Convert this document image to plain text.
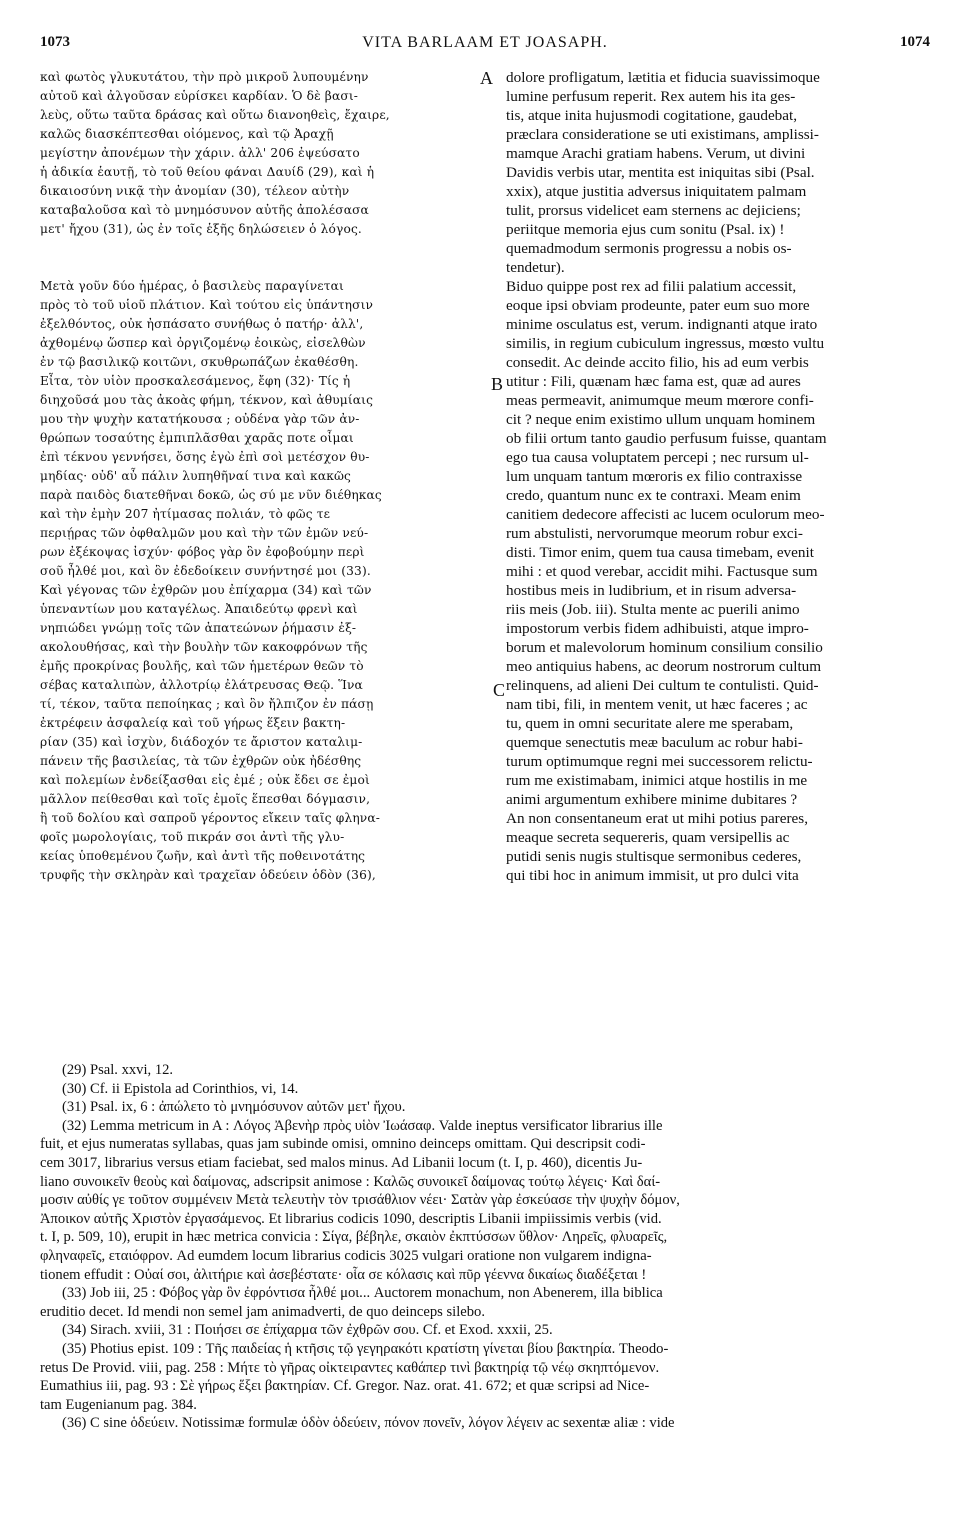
1073	VITA BARLAAM ET JOASAPH.	1074
καὶ φωτὸς γλυκυτάτου, τὴν πρὸ μικροῦ λυπουμένην
αὐτοῦ καὶ ἀλγοῦσαν εὑρίσκει καρδίαν. Ὁ δὲ βασι-
λεὺς, οὕτω ταῦτα δράσας καὶ οὕτω διανοηθεὶς, ἔχαιρε,
καλῶς διασκέπτεσθαι οἰόμενος, καὶ τῷ Ἀραχῇ
μεγίστην ἀπονέμων τὴν χάριν. ἀλλ' 206 ἐψεύσατο
ἡ ἀδικία ἑαυτῇ, τὸ τοῦ θείου φάναι Δαυίδ (29), καὶ ἡ
δικαιοσύνη νικᾷ τὴν ἀνομίαν (30), τέλεον αὐτὴν
καταβαλοῦσα καὶ τὸ μνημόσυνον αὐτῆς ἀπολέσασα
μετ' ἤχου (31), ὡς ἐν τοῖς ἑξῆς δηλώσειεν ὁ λόγος.
Μετὰ γοῦν δύο ἡμέρας, ὁ βασιλεὺς παραγίνεται
πρὸς τὸ τοῦ υἱοῦ πλάτιον. Καὶ τούτου εἰς ὑπάντησιν
ἐξελθόντος, οὐκ ἠσπάσατο συνήθως ὁ πατήρ· ἀλλ',
ἀχθομένῳ ὥσπερ καὶ ὀργιζομένῳ ἐοικὼς, εἰσελθὼν
ἐν τῷ βασιλικῷ κοιτῶνι, σκυθρωπάζων ἐκαθέσθη.
Εἶτα, τὸν υἱὸν προσκαλεσάμενος, ἔφη (32)· Τίς ἡ
διηχοῦσά μου τὰς ἀκοὰς φήμη, τέκνον, καὶ ἀθυμίαις
μου τὴν ψυχὴν κατατήκουσα ; οὐδένα γὰρ τῶν ἀν-
θρώπων τοσαύτης ἐμπιπλᾶσθαι χαρᾶς ποτε οἶμαι
ἐπὶ τέκνου γεννήσει, ὅσης ἐγὼ ἐπὶ σοὶ μετέσχον θυ-
μηδίας· οὐδ' αὖ πάλιν λυπηθῆναί τινα καὶ κακῶς
παρὰ παιδὸς διατεθῆναι δοκῶ, ὡς σύ με νῦν διέθηκας
καὶ τὴν ἐμὴν 207 ἠτίμασας πολιάν, τὸ φῶς τε
περιῄρας τῶν ὀφθαλμῶν μου καὶ τὴν τῶν ἐμῶν νεύ-
ρων ἐξέκοψας ἰσχύν· φόβος γὰρ ὃν ἐφοβούμην περὶ
σοῦ ἦλθέ μοι, καὶ ὃν ἐδεδοίκειν συνήντησέ μοι (33).
Καὶ γέγονας τῶν ἐχθρῶν μου ἐπίχαρμα (34) καὶ τῶν
ὑπεναντίων μου καταγέλως. Ἀπαιδεύτῳ φρενὶ καὶ
νηπιώδει γνώμῃ τοῖς τῶν ἀπατεώνων ῥήμασιν ἐξ-
ακολουθήσας, καὶ τὴν βουλὴν τῶν κακοφρόνων τῆς
ἐμῆς προκρίνας βουλῆς, καὶ τῶν ἡμετέρων θεῶν τὸ
σέβας καταλιπὼν, ἀλλοτρίῳ ἐλάτρευσας Θεῷ. Ἵνα
τί, τέκον, ταῦτα πεποίηκας ; καὶ ὃν ἤλπιζον ἐν πάσῃ
ἐκτρέφειν ἀσφαλείᾳ καὶ τοῦ γήρως ἕξειν βακτη-
ρίαν (35) καὶ ἰσχὺν, διάδοχόν τε ἄριστον καταλιμ-
πάνειν τῆς βασιλείας, τὰ τῶν ἐχθρῶν οὐκ ἠδέσθης
καὶ πολεμίων ἐνδείξασθαι εἰς ἐμέ ; οὐκ ἔδει σε ἐμοὶ
μᾶλλον πείθεσθαι καὶ τοῖς ἐμοῖς ἕπεσθαι δόγμασιν,
ἢ τοῦ δολίου καὶ σαπροῦ γέροντος εἴκειν ταῖς φληνα-
φοῖς μωρολογίαις, τοῦ πικράν σοι ἀντὶ τῆς γλυ-
κείας ὑποθεμένου ζωῆν, καὶ ἀντὶ τῆς ποθεινοτάτης
τρυφῆς τὴν σκληρὰν καὶ τραχεῖαν ὁδεύειν ὁδὸν (36),
dolore profligatum, lætitia et fiducia suavissimoque
lumine perfusum reperit. Rex autem his ita ges-
tis, atque inita hujusmodi cogitatione, gaudebat,
præclara consideratione se uti existimans, amplissi-
mamque Arachi gratiam habens. Verum, ut divini
Davidis verbis utar, mentita est iniquitas sibi (Psal.
xxix), atque justitia adversus iniquitatem palmam
tulit, prorsus videlicet eam sternens ac dejiciens;
periitque memoria ejus cum sonitu (Psal. ix) !
quemadmodum sermonis progressu a nobis os-
tendetur).
Biduo quippe post rex ad filii palatium accessit,
eoque ipsi obviam prodeunte, pater eum suo more
minime osculatus est, verum. indignanti atque irato
similis, in regium cubiculum ingressus, mœsto vultu
consedit. Ac deinde accito filio, his ad eum verbis
utitur : Fili, quænam hæc fama est, quæ ad aures
meas permeavit, animumque meum mœrore confi-
cit ? neque enim existimo ullum unquam hominem
ob filii ortum tanto gaudio perfusum fuisse, quantam
ego tua causa voluptatem percepi ; nec rursum ul-
lum unquam tantum mœroris ex filio contraxisse
credo, quantum nunc ex te contraxi. Meam enim
canitiem dedecore affecisti ac lucem oculorum meo-
rum abstulisti, nervorumque meorum robur exci-
disti. Timor enim, quem tua causa timebam, evenit
mihi : et quod verebar, accidit mihi. Factusque sum
hostibus meis in ludibrium, et in risum adversa-
riis meis (Job. iii). Stulta mente ac puerili animo
impostorum verbis fidem adhibuisti, atque impro-
borum et malevolorum hominum consilium consilio
meo antiquius habens, ac deorum nostrorum cultum
relinquens, ad alieni Dei cultum te contulisti. Quid-
nam tibi, fili, in mentem venit, ut hæc faceres ; ac
tu, quem in omni securitate alere me sperabam,
quemque senectutis meæ baculum ac robur habi-
turum optimumque regni mei successorem relictu-
rum me existimabam, inimici atque hostilis in me
animi argumentum exhibere minime dubitares ?
An non consentaneum erat ut mihi potius pareres,
meaque secreta sequereris, quam versipellis ac
putidi senis nugis stultisque sermonibus cederes,
qui tibi hoc in animum immisit, ut pro dulci vita
A
B
C
(29) Psal. xxvi, 12.
(30) Cf. ii Epistola ad Corinthios, vi, 14.
(31) Psal. ix, 6 : ἀπώλετο τὸ μνημόσυνον αὐτῶν μετ' ἤχου.
(32) Lemma metricum in A : Λόγος Ἀβενὴρ πρὸς υἱὸν Ἰωάσαφ. Valde ineptus versificator librarius ille
fuit, et ejus numeratas syllabas, quas jam subinde omisi, omnino deinceps omittam. Qui descripsit codi-
cem 3017, librarius versus etiam faciebat, sed malos minus. Ad Libanii locum (t. I, p. 460), dicentis Ju-
liano συνοικεῖν θεοὺς καὶ δαίμονας, adscripsit animose : Καλῶς συνοικεῖ δαίμονας τούτῳ λέγεις· Καὶ δαί-
μοσιν αὐθίς γε τοῦτον συμμένειν Μετὰ τελευτὴν τὸν τρισάθλιον νέει· Σατὰν γὰρ ἐσκεύασε τὴν ψυχὴν δόμον,
Ἀποικον αὐτῆς Χριστὸν ἐργασάμενος. Et librarius codicis 1090, descriptis Libanii impiissimis verbis (vid.
t. I, p. 509, 10), erupit in hæc metrica convicia : Σίγα, βέβηλε, σκαιὸν ἐκπτύσσων ὕθλον· Ληρεῖς, φλυαρεῖς,
φληναφεῖς, εταιόφρον. Ad eumdem locum librarius codicis 3025 vulgari oratione non vulgarem indigna-
tionem effudit : Οὐαί σοι, ἀλιτήριε καὶ ἀσεβέστατε· οἷα σε κόλασις καὶ πῦρ γέεννα δικαίως διαδέξεται !
(33) Job iii, 25 : Φόβος γὰρ ὃν ἐφρόντισα ἦλθέ μοι... Auctorem monachum, non Abenerem, illa biblica
eruditio decet. Id mendi non semel jam animadverti, de quo deinceps silebo.
(34) Sirach. xviii, 31 : Ποιήσει σε ἐπίχαρμα τῶν ἐχθρῶν σου. Cf. et Exod. xxxii, 25.
(35) Photius epist. 109 : Τῆς παιδείας ἡ κτῆσις τῷ γεγηρακότι κρατίστη γίνεται βίου βακτηρία. Theodo-
retus De Provid. viii, pag. 258 : Μήτε τὸ γῆρας οἰκτειραντες καθάπερ τινὶ βακτηρίᾳ τῷ νέῳ σκηπτόμενον.
Eumathius iii, pag. 93 : Σὲ γήρως ἕξει βακτηρίαν. Cf. Gregor. Naz. orat. 41. 672; et quæ scripsi ad Nice-
tam Eugenianum pag. 384.
(36) C sine ὁδεύειν. Notissimæ formulæ ὁδὸν ὁδεύειν, πόνον πονεῖν, λόγον λέγειν ac sexentæ aliæ : vide
